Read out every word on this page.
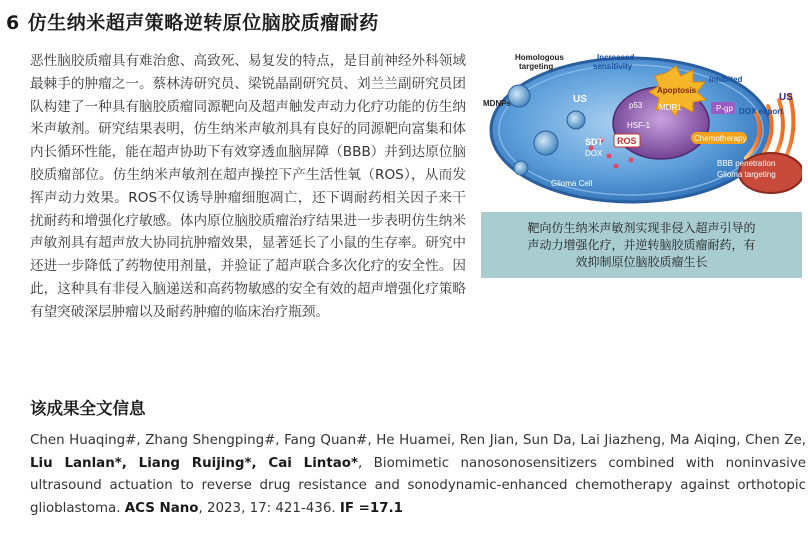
6 仿生纳米超声策略逆转原位脑胶质瘤耐药
恶性脑胶质瘤具有难治愈、高致死、易复发的特点，是目前神经外科领域最棘手的肿瘤之一。蔡林涛研究员、梁锐晶副研究员、刘兰兰副研究员团队构建了一种具有脑胶质瘤同源靶向及超声触发声动力化疗功能的仿生纳米声敏剂。研究结果表明，仿生纳米声敏剂具有良好的同源靶向富集和体内长循环性能，能在超声协助下有效穿透血脑屏障（BBB）并到达原位脑胶质瘤部位。仿生纳米声敏剂在超声操控下产生活性氧（ROS），从而发挥声动力效果。ROS不仅诱导肿瘤细胞凋亡，还下调耐药相关因子来干扰耐药和增强化疗敏感。体内原位脑胶质瘤治疗结果进一步表明仿生纳米声敏剂具有超声放大协同抗肿瘤效果，显著延长了小鼠的生存率。研究中还进一步降低了药物使用剂量，并验证了超声联合多次化疗的安全性。因此，这种具有非侵入脑递送和高药物敏感的安全有效的超声增强化疗策略有望突破深层肿瘤以及耐药肿瘤的临床治疗瓶颈。
Homologous
targeting
Increased
sensitivity
Apoptosis
Inhibited
DOX export
US	US
MDNPs	p53 MDR1
HSF-1
P-gp
SDT
DOX
ROS	Chemotherapy
Glioma Cell
BBB penetration
Glioma targeting
靶向仿生纳米声敏剂实现非侵入超声引导的
声动力增强化疗，并逆转脑胶质瘤耐药，有
效抑制原位脑胶质瘤生长
该成果全文信息
Chen Huaqing#, Zhang Shengping#, Fang Quan#, He Huamei, Ren Jian, Sun Da, Lai Jiazheng, Ma Aiqing, Chen Ze, Liu Lanlan*, Liang Ruijing*, Cai Lintao*, Biomimetic nanosonosensitizers combined with noninvasive ultrasound actuation to reverse drug resistance and sonodynamic-enhanced chemotherapy against orthotopic glioblastoma. ACS Nano, 2023, 17: 421-436. IF =17.1
